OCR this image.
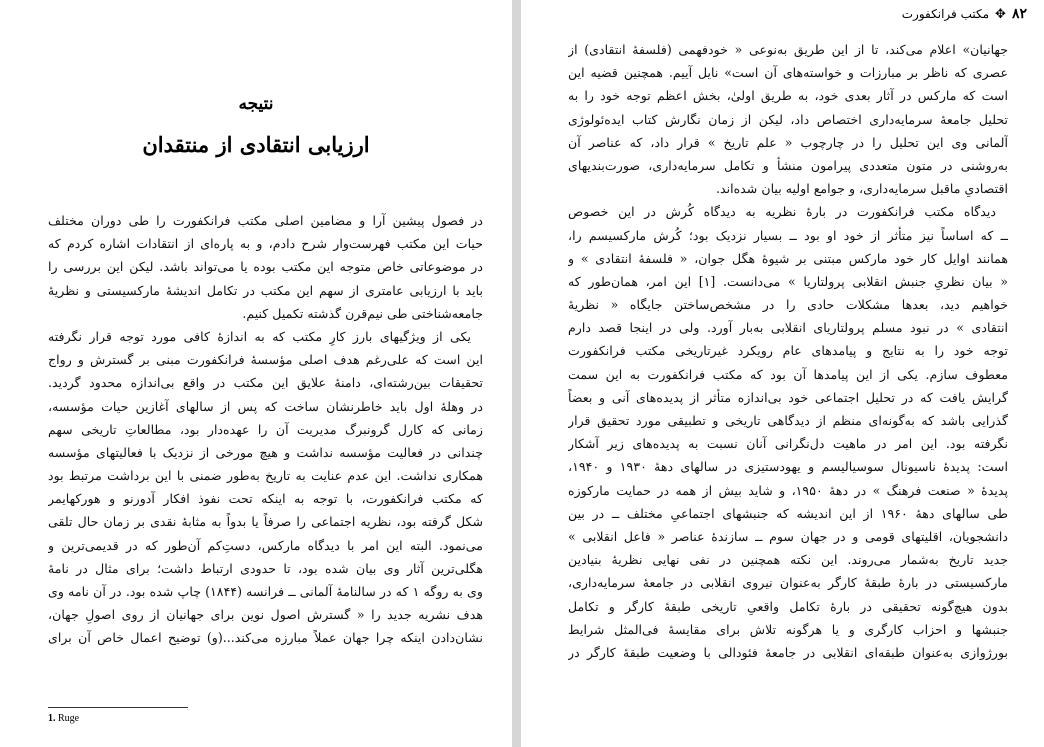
نتیجه
ارزیابی انتقادی از منتقدان
1. Ruge
در فصول پیشین آرا و مضامین اصلی مکتب فرانکفورت را طی دوران مختلف
حیات این مکتب فهرست‌وار شرح دادم، و به پاره‌ای از انتقادات اشاره کردم که
در موضوعاتی خاص متوجه این مکتب بوده یا می‌تواند باشد. لیکن این بررسی را
باید با ارزیابی عامتری از سهم این مکتب در تکامل اندیشهٔ مارکسیستی و نظریهٔ
جامعه‌شناختی طی نیم‌قرن گذشته تکمیل کنیم.
یکی از ویژگیهای بارز کارِ مکتب که به اندازهٔ کافی مورد توجه قرار نگرفته
این است که علی‌رغم هدف اصلی مؤسسهٔ فرانکفورت مبنی بر گسترش و رواج
تحقیقات بین‌رشته‌ای، دامنهٔ علایق این مکتب در واقع بی‌اندازه محدود گردید.
در وهلهٔ اول باید خاطرنشان ساخت که پس از سالهای آغازین حیات مؤسسه،
زمانی که کارل گرونبرگ مدیریت آن را عهده‌دار بود، مطالعاتِ تاریخی سهم
چندانی در فعالیت مؤسسه نداشت و هیچ مورخی از نزدیک با فعالیتهای مؤسسه
همکاری نداشت. این عدم عنایت به تاریخ به‌طور ضمنی با این برداشت مرتبط بود
که مکتب فرانکفورت، با توجه به اینکه تحت نفوذ افکار آدورنو و هورکهایمر
شکل گرفته بود، نظریه اجتماعی را صرفاً یا بدواً به مثابهٔ نقدی بر زمان حال تلقی
می‌نمود. البته این امر با دیدگاه مارکس، دستِ‌کم آن‌طور که در قدیمی‌ترین و
هگلی‌ترین آثار وی بیان شده بود، تا حدودی ارتباط داشت؛ برای مثال در نامهٔ
وی به روگه ۱ که در سالنامهٔ آلمانی ــ فرانسه (۱۸۴۴) چاپ شده بود. در آن نامه وی
هدف نشریه جدید را « گسترش اصول نوین برای جهانیان از روی اصولِ جهان،
نشان‌دادن اینکه چرا جهان عملاً مبارزه می‌کند...(و) توضیح اعمال خاص آن برای
۸۲✥مکتب فرانکفورت
جهانیان» اعلام می‌کند، تا از این طریق به‌نوعی « خودفهمی (فلسفهٔ انتقادی) از
عصری که ناظر بر مبارزات و خواسته‌های آن است» نایل آییم. همچنین قضیه این
است که مارکس در آثار بعدی خود، به طریق اولیٰ، بخش اعظم توجه خود را به
تحلیل جامعهٔ سرمایه‌داری اختصاص داد، لیکن از زمان نگارش کتاب ایده‌ئولوژی
آلمانی وی این تحلیل را در چارچوب « علم تاریخ » قرار داد، که عناصر آن
به‌روشنی در متون متعددی پیرامون منشأ و تکامل سرمایه‌داری، صورت‌بندیهای
اقتصادیِ ماقبل سرمایه‌داری، و جوامع اولیه بیان شده‌اند.
دیدگاه مکتب فرانکفورت در بارهٔ نظریه به دیدگاه کُرش در این خصوص
ــ که اساساً نیز متأثر از خود او بود ــ بسیار نزدیک بود؛ کُرش مارکسیسم را،
همانند اوایل کار خود مارکس مبتنی بر شیوهٔ هگل جوان، « فلسفهٔ انتقادی » و
« بیان نظریِ جنبش انقلابی پرولتاریا » می‌دانست. [۱] این امر، همان‌طور که
خواهیم دید، بعدها مشکلات حادی را در مشخص‌ساختن جایگاه « نظریهٔ
انتقادی » در نبود مسلم پرولتاریای انقلابی به‌بار آورد. ولی در اینجا قصد دارم
توجه خود را به نتایج و پیامدهای عام رویکرد غیرتاریخی مکتب فرانکفورت
معطوف سازم. یکی از این پیامدها آن بود که مکتب فرانکفورت به این سمت
گرایش یافت که در تحلیل اجتماعی خود بی‌اندازه متأثر از پدیده‌های آنی و بعضاً
گذرایی باشد که به‌گونه‌ای منظم از دیدگاهی تاریخی و تطبیقی مورد تحقیق قرار
نگرفته بود. این امر در ماهیت دل‌نگرانی آنان نسبت به پدیده‌های زیر آشکار
است: پدیدهٔ ناسیونال سوسیالیسم و یهودستیزی در سالهای دههٔ ۱۹۳۰ و ۱۹۴۰،
پدیدهٔ « صنعت فرهنگ » در دههٔ ۱۹۵۰، و شاید بیش از همه در حمایت مارکوزه
طی سالهای دههٔ ۱۹۶۰ از این اندیشه که جنبشهای اجتماعیِ مختلف ــ در بین
دانشجویان، اقلیتهای قومی و در جهان سوم ــ سازندهٔ عناصر « فاعل انقلابی »
جدید تاریخ به‌شمار می‌روند. این نکته همچنین در نفی نهایی نظریهٔ بنیادین
مارکسیستی در بارهٔ طبقهٔ کارگر به‌عنوان نیروی انقلابی در جامعهٔ سرمایه‌داری،
بدون هیچ‌گونه تحقیقی در بارهٔ تکامل واقعیِ تاریخی طبقهٔ کارگر و تکامل
جنبشها و احزاب کارگری و یا هرگونه تلاش برای مقایسهٔ فی‌المثل شرایط
بورژوازی به‌عنوان طبقه‌ای انقلابی در جامعهٔ فئودالی با وضعیت طبقهٔ کارگر در
